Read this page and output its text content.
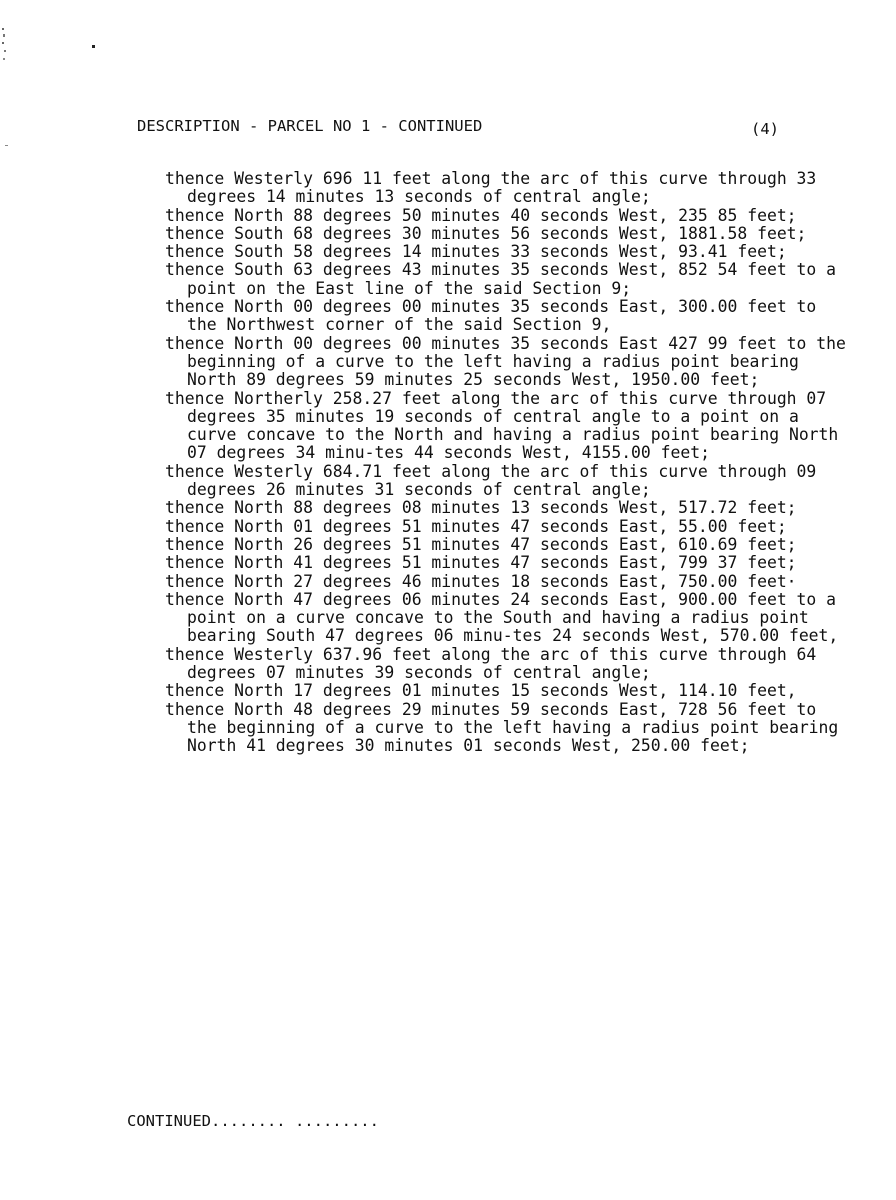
DESCRIPTION - PARCEL NO 1 - CONTINUED	(4)

thence Westerly 696 11 feet along the arc of this curve through 33 degrees 14 minutes 13 seconds of central angle;

thence North 88 degrees 50 minutes 40 seconds West, 235 85 feet;

thence South 68 degrees 30 minutes 56 seconds West, 1881.58 feet;

thence South 58 degrees 14 minutes 33 seconds West, 93.41 feet;

thence South 63 degrees 43 minutes 35 seconds West, 852 54 feet to a point on the East line of the said Section 9;

thence North 00 degrees 00 minutes 35 seconds East, 300.00 feet to the Northwest corner of the said Section 9,

thence North 00 degrees 00 minutes 35 seconds East 427 99 feet to the beginning of a curve to the left having a radius point bearing North 89 degrees 59 minutes 25 seconds West, 1950.00 feet;

thence Northerly 258.27 feet along the arc of this curve through 07 degrees 35 minutes 19 seconds of central angle to a point on a curve concave to the North and having a radius point bearing North 07 degrees 34 minu-tes 44 seconds West, 4155.00 feet;

thence Westerly 684.71 feet along the arc of this curve through 09 degrees 26 minutes 31 seconds of central angle;

thence North 88 degrees 08 minutes 13 seconds West, 517.72 feet;

thence North 01 degrees 51 minutes 47 seconds East, 55.00 feet;

thence North 26 degrees 51 minutes 47 seconds East, 610.69 feet;

thence North 41 degrees 51 minutes 47 seconds East, 799 37 feet;

thence North 27 degrees 46 minutes 18 seconds East, 750.00 feet·

thence North 47 degrees 06 minutes 24 seconds East, 900.00 feet to a point on a curve concave to the South and having a radius point bearing South 47 degrees 06 minu-tes 24 seconds West, 570.00 feet,

thence Westerly 637.96 feet along the arc of this curve through 64 degrees 07 minutes 39 seconds of central angle;

thence North 17 degrees 01 minutes 15 seconds West, 114.10 feet,

thence North 48 degrees 29 minutes 59 seconds East, 728 56 feet to the beginning of a curve to the left having a radius point bearing North 41 degrees 30 minutes 01 seconds West, 250.00 feet;

CONTINUED........ .........
